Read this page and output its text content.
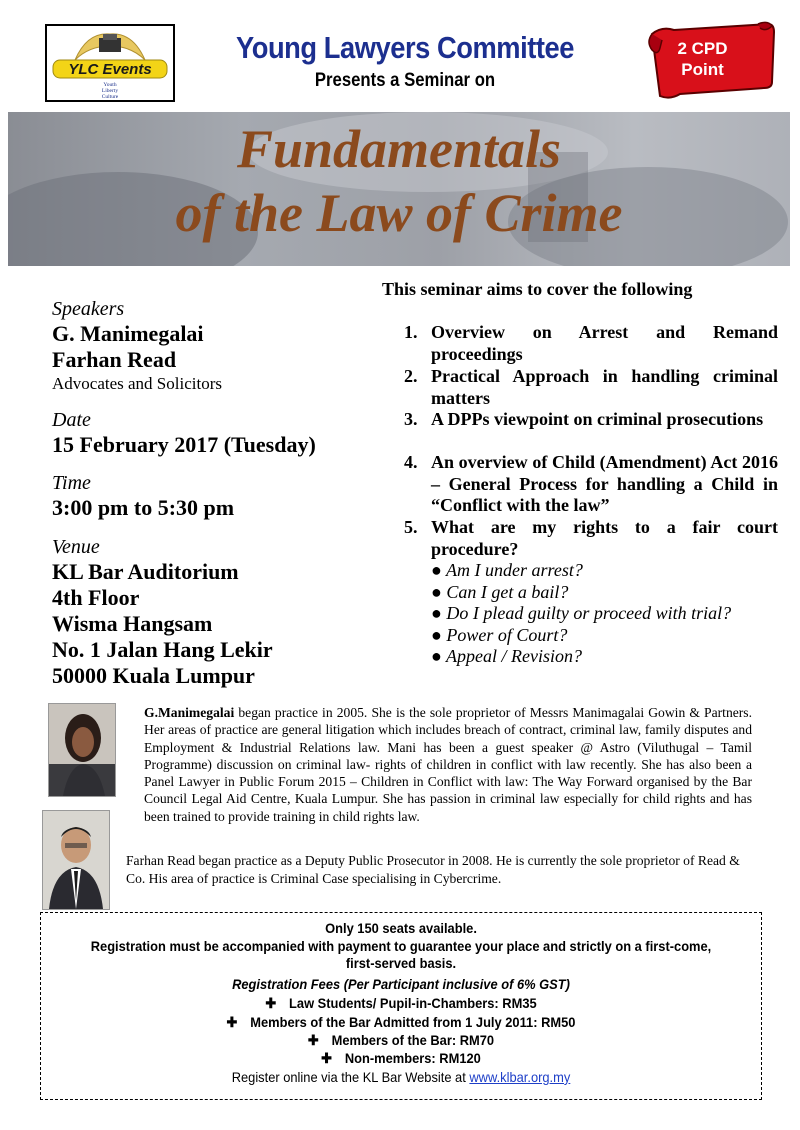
YLC Events
Youth
Liberty
Culture
Young Lawyers Committee
Presents a Seminar on
2 CPD
Point
Fundamentals
of the Law of Crime
Speakers
G. Manimegalai
Farhan Read
Advocates and Solicitors
Date
15 February 2017 (Tuesday)
Time
3:00 pm to 5:30 pm
Venue
KL Bar Auditorium
4th Floor
Wisma Hangsam
No. 1 Jalan Hang Lekir
50000 Kuala Lumpur
This seminar aims to cover the following
1. Overview on Arrest and Remand proceedings
2. Practical Approach in handling criminal matters
3. A DPPs viewpoint on criminal prosecutions
4. An overview of Child (Amendment) Act 2016 – General Process for handling a Child in “Conflict with the law”
5. What are my rights to a fair court procedure?
● Am I under arrest?
● Can I get a bail?
● Do I plead guilty or proceed with trial?
● Power of Court?
● Appeal / Revision?
G.Manimegalai began practice in 2005. She is the sole proprietor of Messrs Manimagalai Gowin & Partners. Her areas of practice are general litigation which includes breach of contract, criminal law, family disputes and Employment & Industrial Relations law. Mani has been a guest speaker @ Astro (Viluthugal – Tamil Programme) discussion on criminal law- rights of children in conflict with law recently. She has also been a Panel Lawyer in Public Forum 2015 – Children in Conflict with law: The Way Forward organised by the Bar Council Legal Aid Centre, Kuala Lumpur. She has passion in criminal law especially for child rights and has been trained to provide training in child rights law.
Farhan Read began practice as a Deputy Public Prosecutor in 2008. He is currently the sole proprietor of Read & Co. His area of practice is Criminal Case specialising in Cybercrime.
Only 150 seats available.
Registration must be accompanied with payment to guarantee your place and strictly on a first-come, first-served basis.
Registration Fees (Per Participant inclusive of 6% GST)
✚ Law Students/ Pupil-in-Chambers: RM35
✚ Members of the Bar Admitted from 1 July 2011: RM50
✚ Members of the Bar: RM70
✚ Non-members: RM120
Register online via the KL Bar Website at www.klbar.org.my
